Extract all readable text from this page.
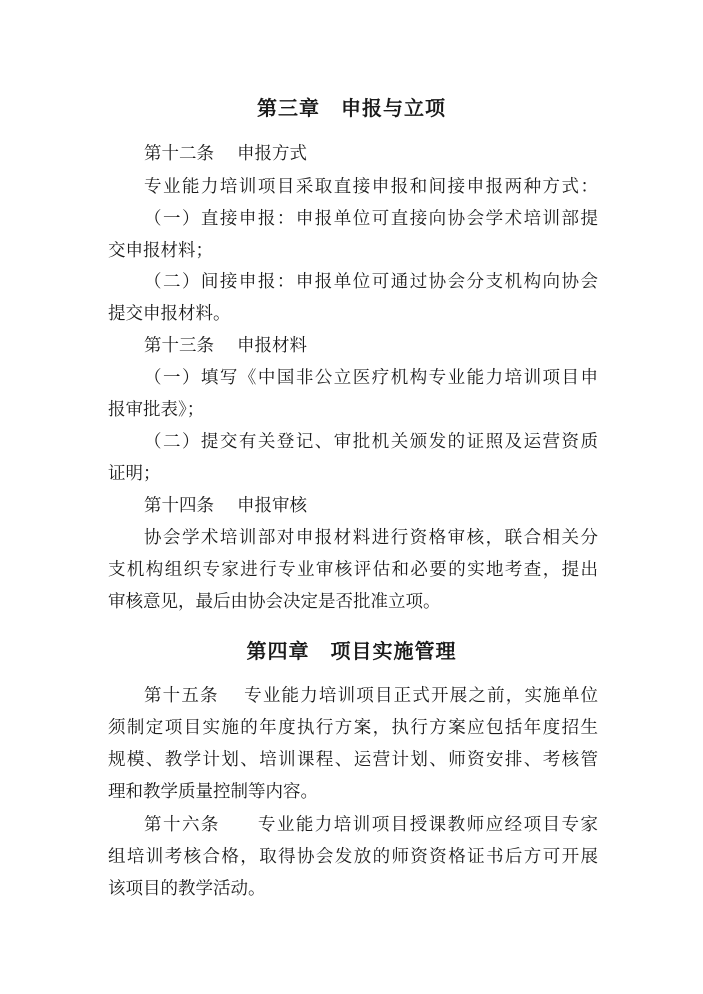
第三章　申报与立项
第十二条　 申报方式
专业能力培训项目采取直接申报和间接申报两种方式：
（一）直接申报：申报单位可直接向协会学术培训部提
交申报材料；
（二）间接申报：申报单位可通过协会分支机构向协会
提交申报材料。
第十三条　 申报材料
（一）填写《中国非公立医疗机构专业能力培训项目申
报审批表》；
（二）提交有关登记、审批机关颁发的证照及运营资质
证明；
第十四条　 申报审核
协会学术培训部对申报材料进行资格审核，联合相关分
支机构组织专家进行专业审核评估和必要的实地考查，提出
审核意见，最后由协会决定是否批准立项。
第四章　项目实施管理
第十五条　 专业能力培训项目正式开展之前，实施单位
须制定项目实施的年度执行方案，执行方案应包括年度招生
规模、教学计划、培训课程、运营计划、师资安排、考核管
理和教学质量控制等内容。
第十六条　　专业能力培训项目授课教师应经项目专家
组培训考核合格，取得协会发放的师资资格证书后方可开展
该项目的教学活动。
